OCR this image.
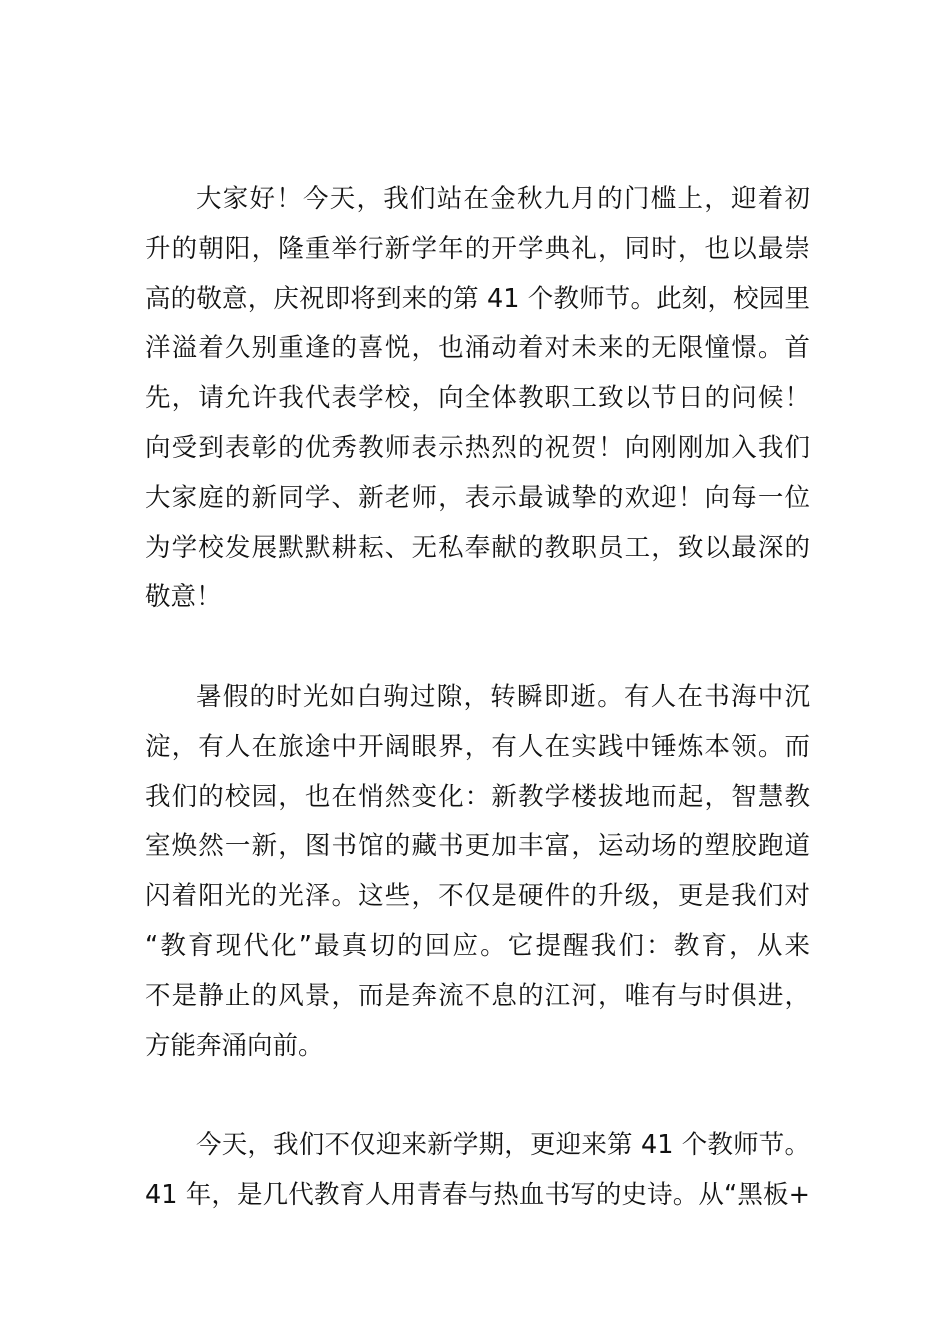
大家好！今天，我们站在金秋九月的门槛上，迎着初
升的朝阳，隆重举行新学年的开学典礼，同时，也以最崇
高的敬意，庆祝即将到来的第 41 个教师节。此刻，校园里
洋溢着久别重逢的喜悦，也涌动着对未来的无限憧憬。首
先，请允许我代表学校，向全体教职工致以节日的问候！
向受到表彰的优秀教师表示热烈的祝贺！向刚刚加入我们
大家庭的新同学、新老师，表示最诚挚的欢迎！向每一位
为学校发展默默耕耘、无私奉献的教职员工，致以最深的
敬意！
暑假的时光如白驹过隙，转瞬即逝。有人在书海中沉
淀，有人在旅途中开阔眼界，有人在实践中锤炼本领。而
我们的校园，也在悄然变化：新教学楼拔地而起，智慧教
室焕然一新，图书馆的藏书更加丰富，运动场的塑胶跑道
闪着阳光的光泽。这些，不仅是硬件的升级，更是我们对
“教育现代化”最真切的回应。它提醒我们：教育，从来
不是静止的风景，而是奔流不息的江河，唯有与时俱进，
方能奔涌向前。
今天，我们不仅迎来新学期，更迎来第 41 个教师节。
41 年，是几代教育人用青春与热血书写的史诗。从“黑板+
